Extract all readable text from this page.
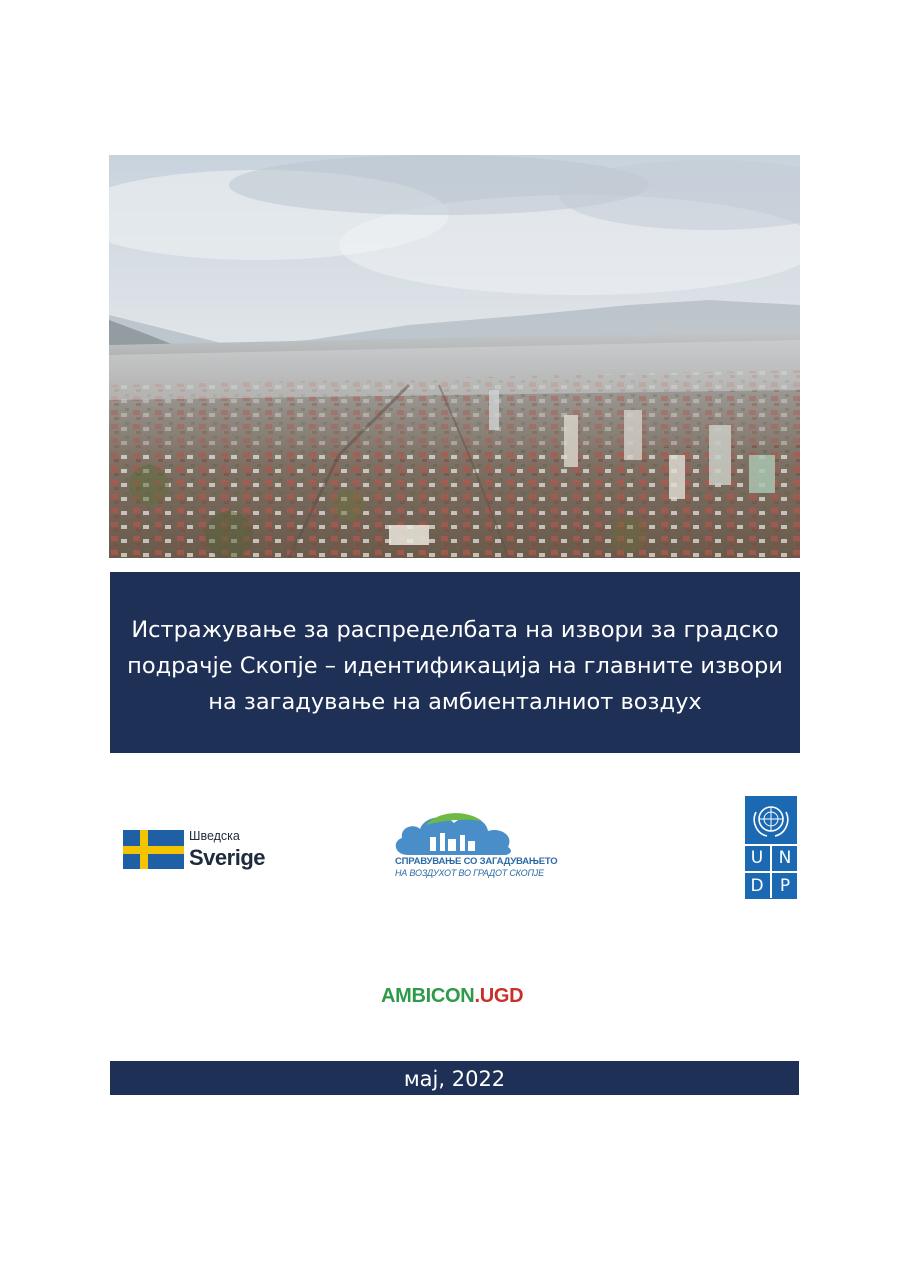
Истражување за распределбата на извори за градско подрачје Скопје – идентификација на главните извори на загадување на амбиенталниот воздух
Шведска
Sverige	СПРАВУВАЊЕ СО ЗАГАДУВАЊЕТО
НА ВОЗДУХОТ ВО ГРАДОТ СКОПЈЕ
U N
D P
AMBICON.UGD
мај, 2022
